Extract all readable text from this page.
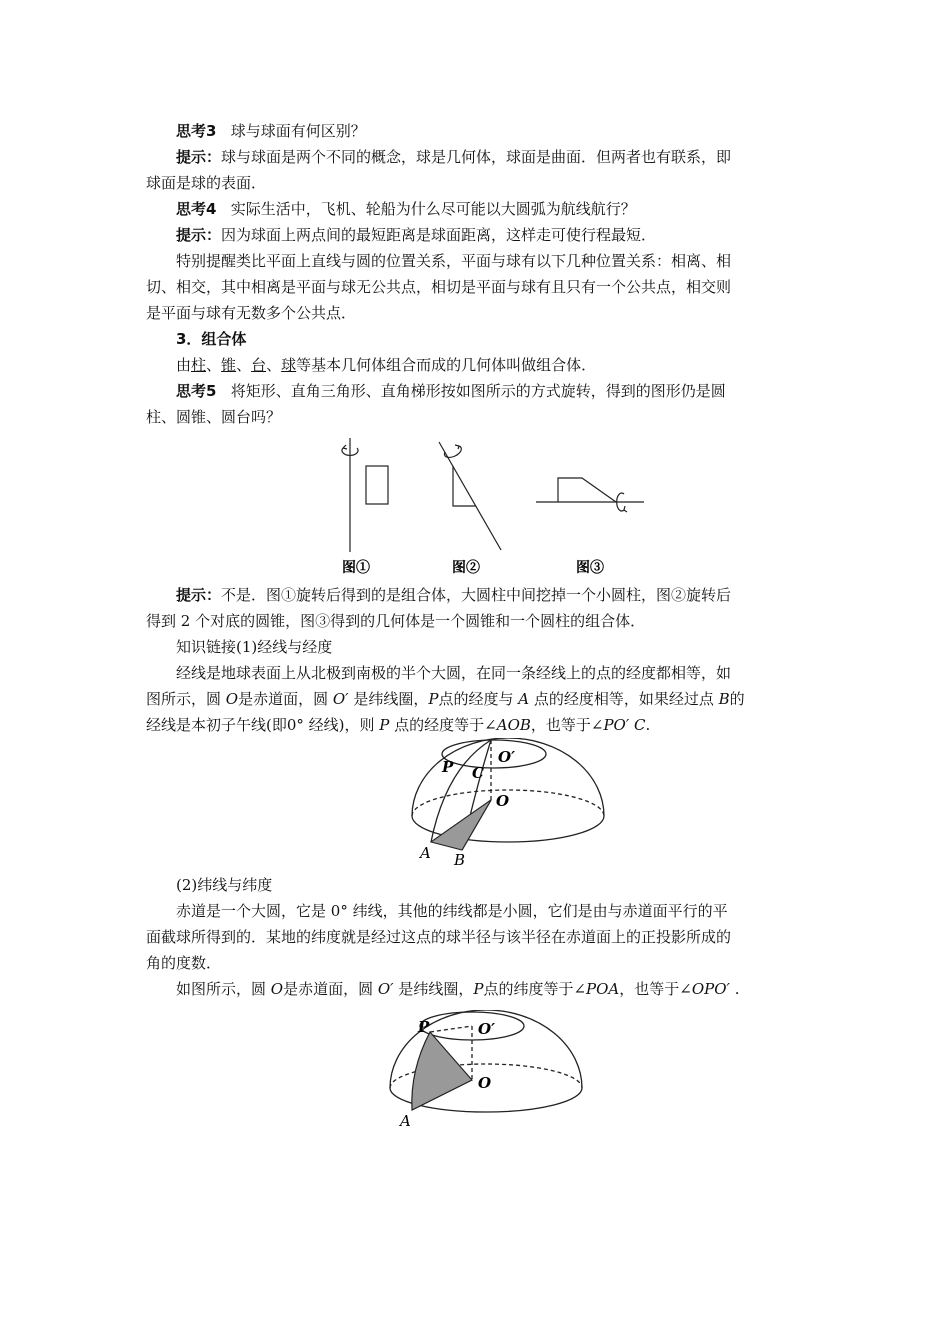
思考3 球与球面有何区别？

提示：球与球面是两个不同的概念，球是几何体，球面是曲面．但两者也有联系，即

球面是球的表面．

思考4 实际生活中，飞机、轮船为什么尽可能以大圆弧为航线航行？

提示：因为球面上两点间的最短距离是球面距离，这样走可使行程最短．

特别提醒类比平面上直线与圆的位置关系，平面与球有以下几种位置关系：相离、相

切、相交，其中相离是平面与球无公共点，相切是平面与球有且只有一个公共点，相交则

是平面与球有无数多个公共点．

3．组合体

由柱、锥、台、球等基本几何体组合而成的几何体叫做组合体．

思考5 将矩形、直角三角形、直角梯形按如图所示的方式旋转，得到的图形仍是圆

柱、圆锥、圆台吗？

图①	图②	图③

提示：不是．图①旋转后得到的是组合体，大圆柱中间挖掉一个小圆柱，图②旋转后

得到 2 个对底的圆锥，图③得到的几何体是一个圆锥和一个圆柱的组合体．

知识链接(1)经线与经度

经线是地球表面上从北极到南极的半个大圆，在同一条经线上的点的经度都相等，如

图所示，圆 O是赤道面，圆 O′ 是纬线圈，P点的经度与 A 点的经度相等，如果经过点 B的

经线是本初子午线(即0° 经线)，则 P 点的经度等于∠AOB，也等于∠PO′ C.

O′
P C
O
A B

(2)纬线与纬度

赤道是一个大圆，它是 0° 纬线，其他的纬线都是小圆，它们是由与赤道面平行的平

面截球所得到的．某地的纬度就是经过这点的球半径与该半径在赤道面上的正投影所成的

角的度数．

如图所示，圆 O是赤道面，圆 O′ 是纬线圈，P点的纬度等于∠POA，也等于∠OPO′ .

O′
P
O
A
